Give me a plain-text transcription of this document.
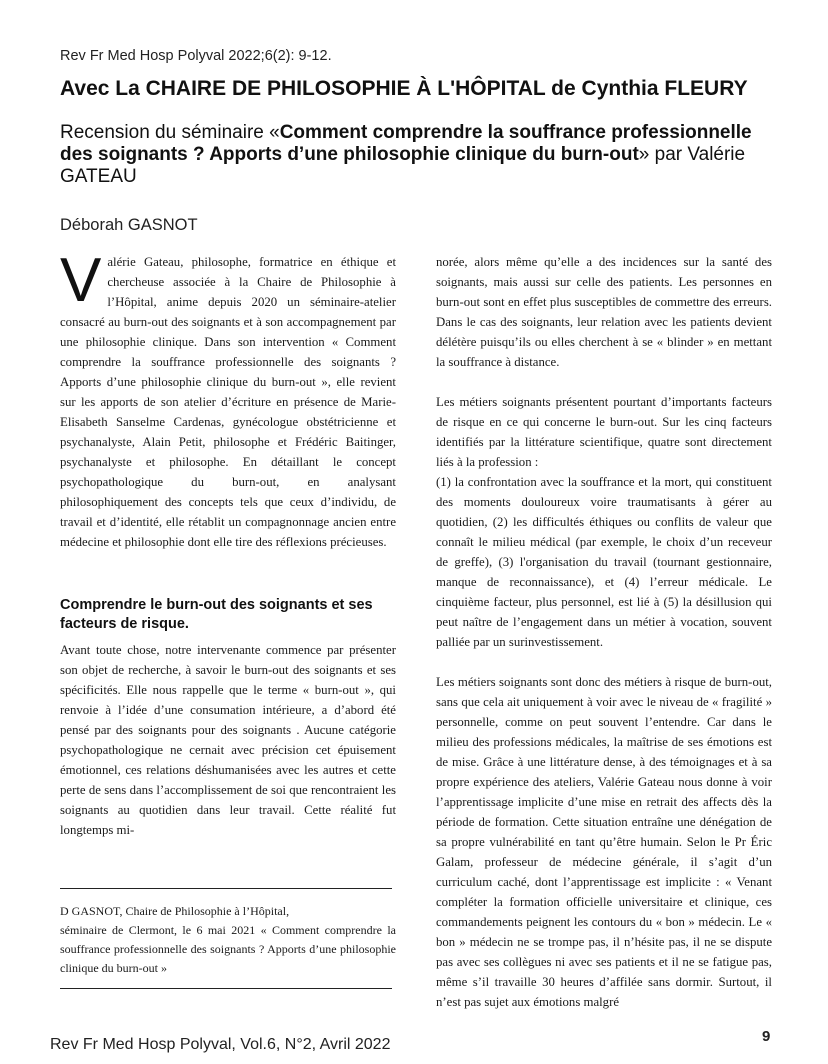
Rev Fr Med Hosp Polyval 2022;6(2): 9-12.
Avec La CHAIRE DE PHILOSOPHIE À L'HÔPITAL de Cynthia FLEURY
Recension du séminaire «Comment comprendre la souffrance professionnelle des soignants ? Apports d’une philosophie clinique du burn-out» par Valérie GATEAU
Déborah GASNOT

Valérie Gateau, philosophe, formatrice en éthique et chercheuse associée à la Chaire de Philosophie à l’Hôpital, anime depuis 2020 un séminaire-atelier consacré au burn-out des soignants et à son accompagnement par une philosophie clinique. Dans son intervention « Comment comprendre la souffrance professionnelle des soignants ? Apports d’une philosophie clinique du burn-out », elle revient sur les apports de son atelier d’écriture en présence de Marie-Elisabeth Sanselme Cardenas, gynécologue obstétricienne et psychanalyste, Alain Petit, philosophe et Frédéric Baitinger, psychanalyste et philosophe. En détaillant le concept psychopathologique du burn-out, en analysant philosophiquement des concepts tels que ceux d’individu, de travail et d’identité, elle rétablit un compagnonnage ancien entre médecine et philosophie dont elle tire des réflexions précieuses.

Comprendre le burn-out des soignants et ses facteurs de risque.

Avant toute chose, notre intervenante commence par présenter son objet de recherche, à savoir le burn-out des soignants et ses spécificités. Elle nous rappelle que le terme « burn-out », qui renvoie à l’idée d’une consumation intérieure, a d’abord été pensé par des soignants pour des soignants . Aucune catégorie psychopathologique ne cernait avec précision cet épuisement émotionnel, ces relations déshumanisées avec les autres et cette perte de sens dans l’accomplissement de soi que rencontraient les soignants au quotidien dans leur travail. Cette réalité fut longtemps mi-

D GASNOT, Chaire de Philosophie à l’Hôpital,

séminaire de Clermont, le 6 mai 2021 « Comment comprendre la souffrance professionnelle des soignants ? Apports d’une philosophie clinique du burn-out »

norée, alors même qu’elle a des incidences sur la santé des soignants, mais aussi sur celle des patients. Les personnes en burn-out sont en effet plus susceptibles de commettre des erreurs. Dans le cas des soignants, leur relation avec les patients devient délétère puisqu’ils ou elles cherchent à se « blinder » en mettant la souffrance à distance.

Les métiers soignants présentent pourtant d’importants facteurs de risque en ce qui concerne le burn-out. Sur les cinq facteurs identifiés par la littérature scientifique, quatre sont directement liés à la profession :

(1) la confrontation avec la souffrance et la mort, qui constituent des moments douloureux voire traumatisants à gérer au quotidien, (2) les difficultés éthiques ou conflits de valeur que connaît le milieu médical (par exemple, le choix d’un receveur de greffe), (3) l'organisation du travail (tournant gestionnaire, manque de reconnaissance), et (4) l’erreur médicale. Le cinquième facteur, plus personnel, est lié à (5) la désillusion qui peut naître de l’engagement dans un métier à vocation, souvent palliée par un surinvestissement.

Les métiers soignants sont donc des métiers à risque de burn-out, sans que cela ait uniquement à voir avec le niveau de « fragilité » personnelle, comme on peut souvent l’entendre. Car dans le milieu des professions médicales, la maîtrise de ses émotions est de mise. Grâce à une littérature dense, à des témoignages et à sa propre expérience des ateliers, Valérie Gateau nous donne à voir l’apprentissage implicite d’une mise en retrait des affects dès la période de formation. Cette situation entraîne une dénégation de sa propre vulnérabilité en tant qu’être humain. Selon le Pr Éric Galam, professeur de médecine générale, il s’agit d’un curriculum caché, dont l’apprentissage est implicite : « Venant compléter la formation officielle universitaire et clinique, ces commandements peignent les contours du « bon » médecin. Le « bon » médecin ne se trompe pas, il n’hésite pas, il ne se dispute pas avec ses collègues ni avec ses patients et il ne se fatigue pas, même s’il travaille 30 heures d’affilée sans dormir. Surtout, il n’est pas sujet aux émotions malgré

Rev Fr Med Hosp Polyval, Vol.6, N°2, Avril 2022	9
